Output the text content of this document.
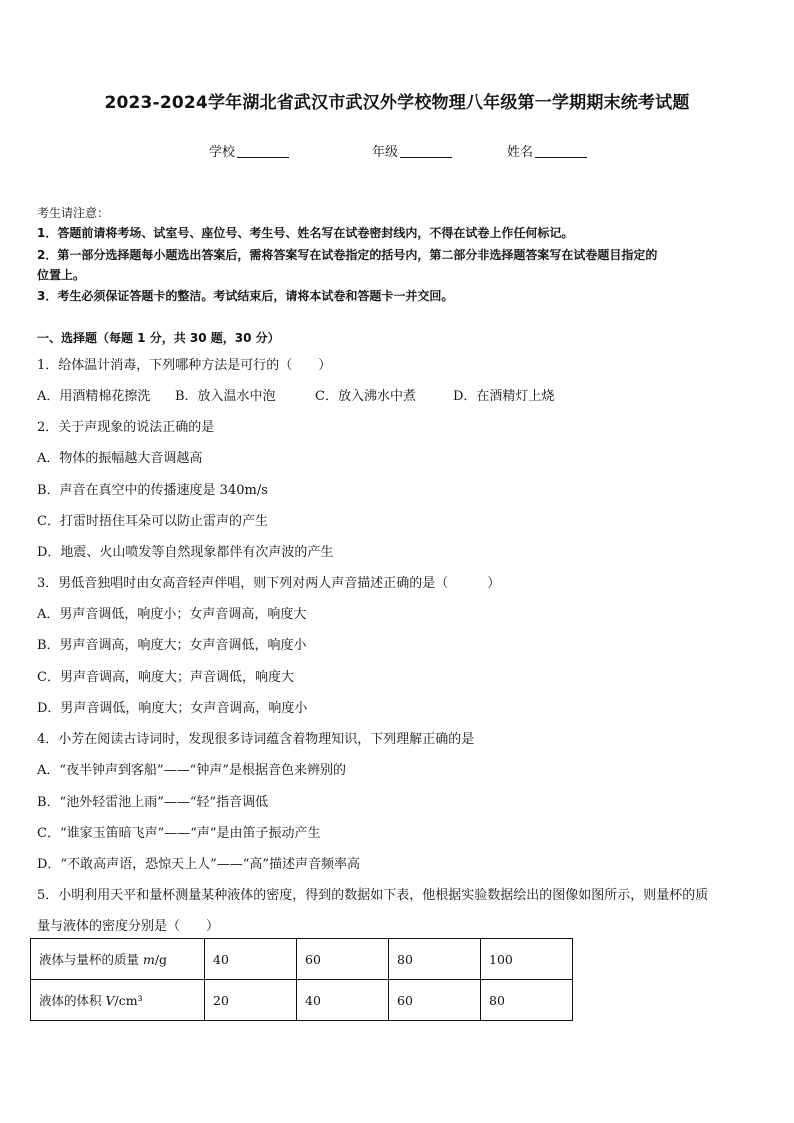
2023-2024学年湖北省武汉市武汉外学校物理八年级第一学期期末统考试题
学校	年级	姓名
考生请注意：
1．答题前请将考场、试室号、座位号、考生号、姓名写在试卷密封线内，不得在试卷上作任何标记。
2．第一部分选择题每小题选出答案后，需将答案写在试卷指定的括号内，第二部分非选择题答案写在试卷题目指定的
位置上。
3．考生必须保证答题卡的整洁。考试结束后，请将本试卷和答题卡一并交回。
一、选择题（每题 1 分，共 30 题，30 分）
1．给体温计消毒，下列哪种方法是可行的（　　）
A．用酒精棉花擦洗 B．放入温水中泡	C．放入沸水中煮	D．在酒精灯上烧
2．关于声现象的说法正确的是
A．物体的振幅越大音调越高
B．声音在真空中的传播速度是 340m/s
C．打雷时捂住耳朵可以防止雷声的产生
D．地震、火山喷发等自然现象都伴有次声波的产生
3．男低音独唱时由女高音轻声伴唱，则下列对两人声音描述正确的是（　　　）
A．男声音调低，响度小；女声音调高，响度大
B．男声音调高，响度大；女声音调低，响度小
C．男声音调高，响度大；声音调低，响度大
D．男声音调低，响度大；女声音调高，响度小
4．小芳在阅读古诗词时，发现很多诗词蕴含着物理知识，下列理解正确的是
A．“夜半钟声到客船”——“钟声”是根据音色来辨别的
B．“池外轻雷池上雨”——“轻”指音调低
C．“谁家玉笛暗飞声”——“声”是由笛子振动产生
D．“不敢高声语，恐惊天上人”——“高”描述声音频率高
5．小明利用天平和量杯测量某种液体的密度，得到的数据如下表，他根据实验数据绘出的图像如图所示，则量杯的质
量与液体的密度分别是（　　）
液体与量杯的质量 m/g	40	60	80	100
液体的体积 V/cm³	20	40	60	80
